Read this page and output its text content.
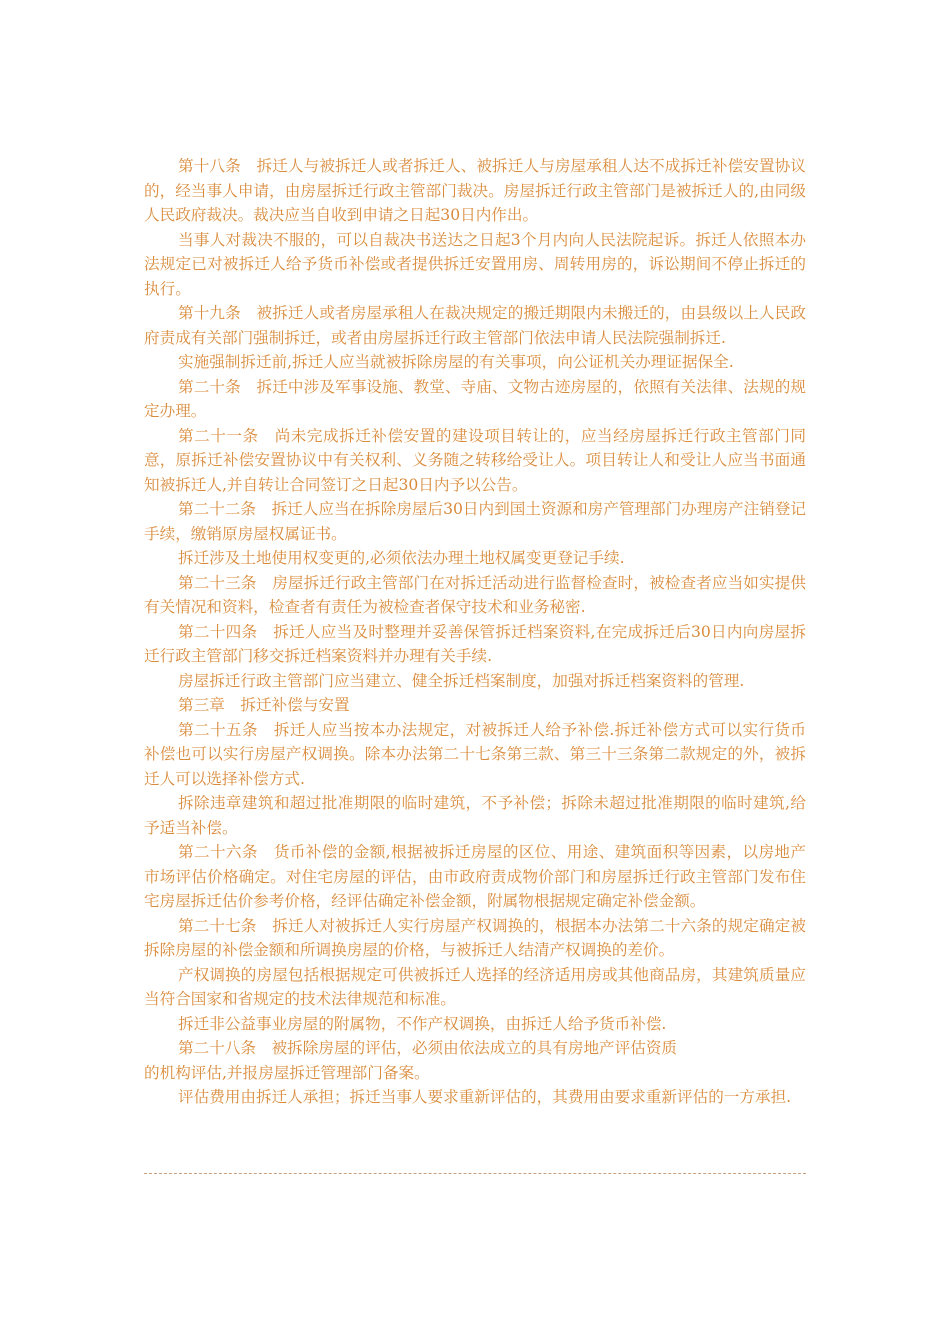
第十八条　拆迁人与被拆迁人或者拆迁人、被拆迁人与房屋承租人达不成拆迁补偿安置协议的，经当事人申请，由房屋拆迁行政主管部门裁决。房屋拆迁行政主管部门是被拆迁人的,由同级人民政府裁决。裁决应当自收到申请之日起30日内作出。

当事人对裁决不服的，可以自裁决书送达之日起3个月内向人民法院起诉。拆迁人依照本办法规定已对被拆迁人给予货币补偿或者提供拆迁安置用房、周转用房的，诉讼期间不停止拆迁的执行。

第十九条　被拆迁人或者房屋承租人在裁决规定的搬迁期限内未搬迁的，由县级以上人民政府责成有关部门强制拆迁，或者由房屋拆迁行政主管部门依法申请人民法院强制拆迁.

实施强制拆迁前,拆迁人应当就被拆除房屋的有关事项，向公证机关办理证据保全.

第二十条　拆迁中涉及军事设施、教堂、寺庙、文物古迹房屋的，依照有关法律、法规的规定办理。

第二十一条　尚未完成拆迁补偿安置的建设项目转让的，应当经房屋拆迁行政主管部门同意，原拆迁补偿安置协议中有关权利、义务随之转移给受让人。项目转让人和受让人应当书面通知被拆迁人,并自转让合同签订之日起30日内予以公告。

第二十二条　拆迁人应当在拆除房屋后30日内到国土资源和房产管理部门办理房产注销登记手续，缴销原房屋权属证书。

拆迁涉及土地使用权变更的,必须依法办理土地权属变更登记手续.

第二十三条　房屋拆迁行政主管部门在对拆迁活动进行监督检查时，被检查者应当如实提供有关情况和资料，检查者有责任为被检查者保守技术和业务秘密.

第二十四条　拆迁人应当及时整理并妥善保管拆迁档案资料,在完成拆迁后30日内向房屋拆迁行政主管部门移交拆迁档案资料并办理有关手续.

房屋拆迁行政主管部门应当建立、健全拆迁档案制度，加强对拆迁档案资料的管理.

第三章　拆迁补偿与安置

第二十五条　拆迁人应当按本办法规定，对被拆迁人给予补偿.拆迁补偿方式可以实行货币补偿也可以实行房屋产权调换。除本办法第二十七条第三款、第三十三条第二款规定的外，被拆迁人可以选择补偿方式.

拆除违章建筑和超过批准期限的临时建筑，不予补偿；拆除未超过批准期限的临时建筑,给予适当补偿。

第二十六条　货币补偿的金额,根据被拆迁房屋的区位、用途、建筑面积等因素，以房地产市场评估价格确定。对住宅房屋的评估，由市政府责成物价部门和房屋拆迁行政主管部门发布住宅房屋拆迁估价参考价格，经评估确定补偿金额，附属物根据规定确定补偿金额。

第二十七条　拆迁人对被拆迁人实行房屋产权调换的，根据本办法第二十六条的规定确定被拆除房屋的补偿金额和所调换房屋的价格，与被拆迁人结清产权调换的差价。

产权调换的房屋包括根据规定可供被拆迁人选择的经济适用房或其他商品房，其建筑质量应当符合国家和省规定的技术法律规范和标准。

拆迁非公益事业房屋的附属物，不作产权调换，由拆迁人给予货币补偿.

第二十八条　被拆除房屋的评估，必须由依法成立的具有房地产评估资质

的机构评估,并报房屋拆迁管理部门备案。

评估费用由拆迁人承担；拆迁当事人要求重新评估的，其费用由要求重新评估的一方承担.
